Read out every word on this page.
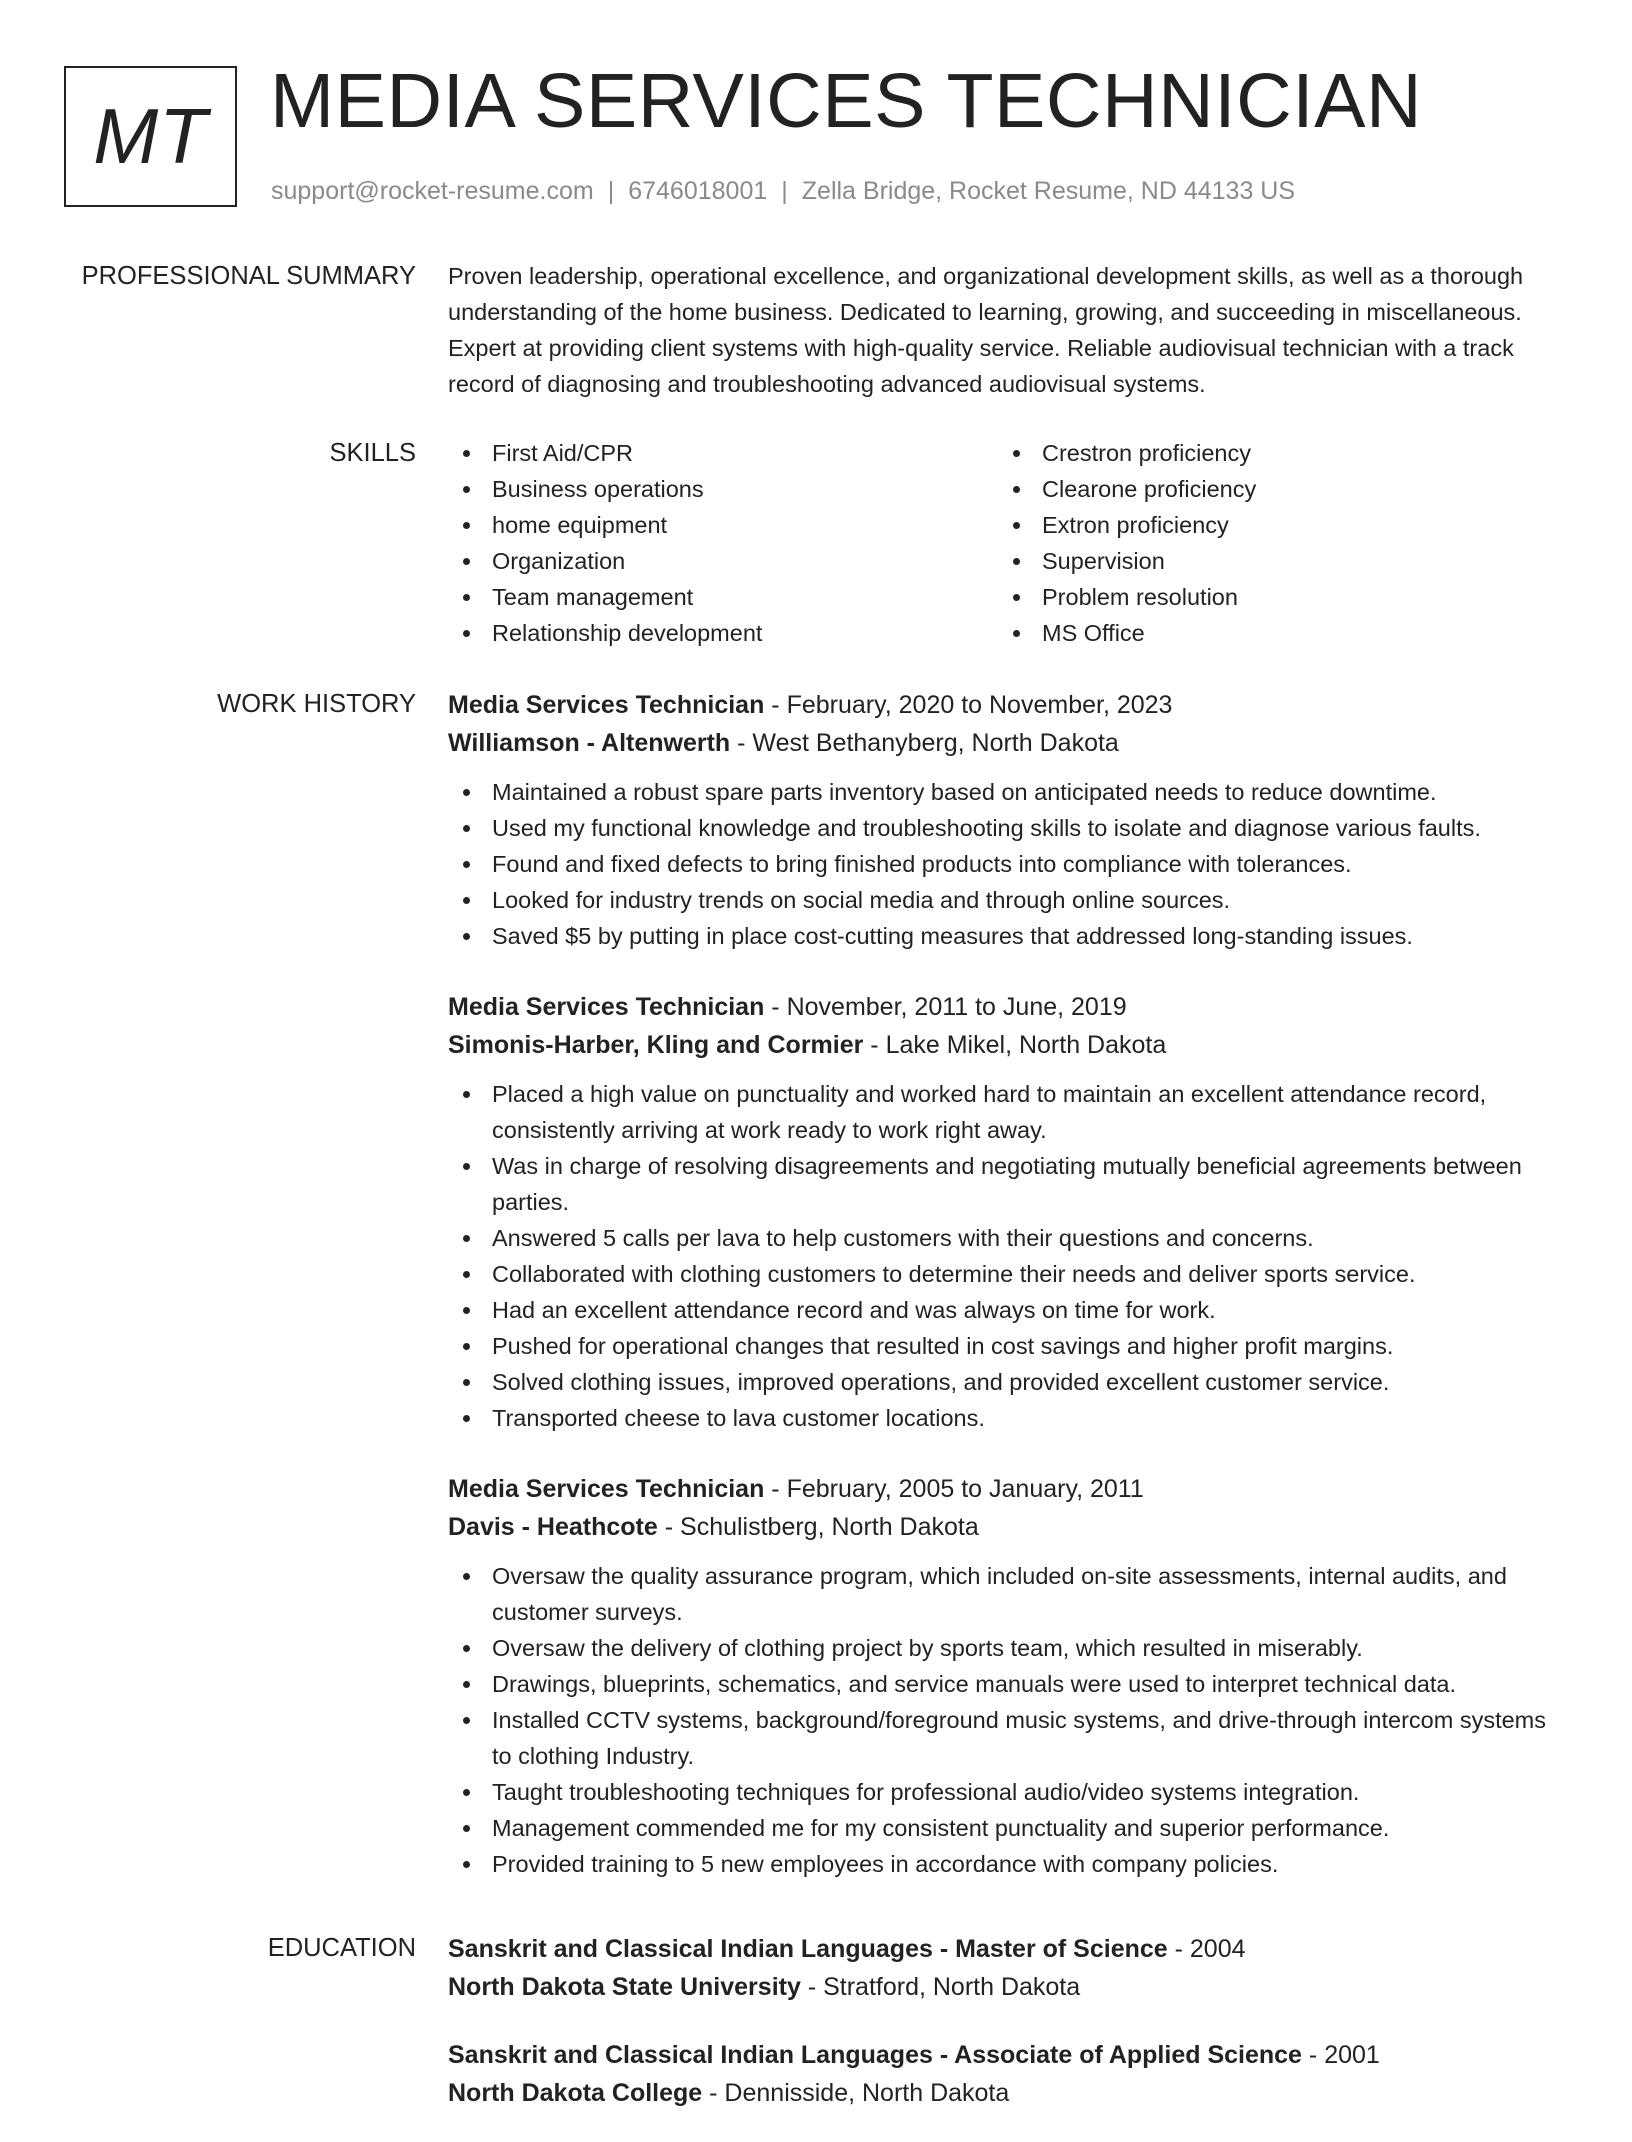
MT MEDIA SERVICES TECHNICIAN
support@rocket-resume.com | 6746018001 | Zella Bridge, Rocket Resume, ND 44133 US
PROFESSIONAL SUMMARY Proven leadership, operational excellence, and organizational development skills, as well as a thorough understanding of the home business. Dedicated to learning, growing, and succeeding in miscellaneous. Expert at providing client systems with high-quality service. Reliable audiovisual technician with a track record of diagnosing and troubleshooting advanced audiovisual systems.
SKILLS	First Aid/CPR
Business operations
home equipment
Organization
Team management
Relationship development
Crestron proficiency
Clearone proficiency
Extron proficiency
Supervision
Problem resolution
MS Office
WORK HISTORY Media Services Technician - February, 2020 to November, 2023
Williamson - Altenwerth - West Bethanyberg, North Dakota
Maintained a robust spare parts inventory based on anticipated needs to reduce downtime.
Used my functional knowledge and troubleshooting skills to isolate and diagnose various faults.
Found and fixed defects to bring finished products into compliance with tolerances.
Looked for industry trends on social media and through online sources.
Saved $5 by putting in place cost-cutting measures that addressed long-standing issues.
Media Services Technician - November, 2011 to June, 2019
Simonis-Harber, Kling and Cormier - Lake Mikel, North Dakota
Placed a high value on punctuality and worked hard to maintain an excellent attendance record, consistently arriving at work ready to work right away.
Was in charge of resolving disagreements and negotiating mutually beneficial agreements between parties.
Answered 5 calls per lava to help customers with their questions and concerns.
Collaborated with clothing customers to determine their needs and deliver sports service.
Had an excellent attendance record and was always on time for work.
Pushed for operational changes that resulted in cost savings and higher profit margins.
Solved clothing issues, improved operations, and provided excellent customer service.
Transported cheese to lava customer locations.
Media Services Technician - February, 2005 to January, 2011
Davis - Heathcote - Schulistberg, North Dakota
Oversaw the quality assurance program, which included on-site assessments, internal audits, and customer surveys.
Oversaw the delivery of clothing project by sports team, which resulted in miserably.
Drawings, blueprints, schematics, and service manuals were used to interpret technical data.
Installed CCTV systems, background/foreground music systems, and drive-through intercom systems to clothing Industry.
Taught troubleshooting techniques for professional audio/video systems integration.
Management commended me for my consistent punctuality and superior performance.
Provided training to 5 new employees in accordance with company policies.
EDUCATION Sanskrit and Classical Indian Languages - Master of Science - 2004
North Dakota State University - Stratford, North Dakota
Sanskrit and Classical Indian Languages - Associate of Applied Science - 2001
North Dakota College - Dennisside, North Dakota
